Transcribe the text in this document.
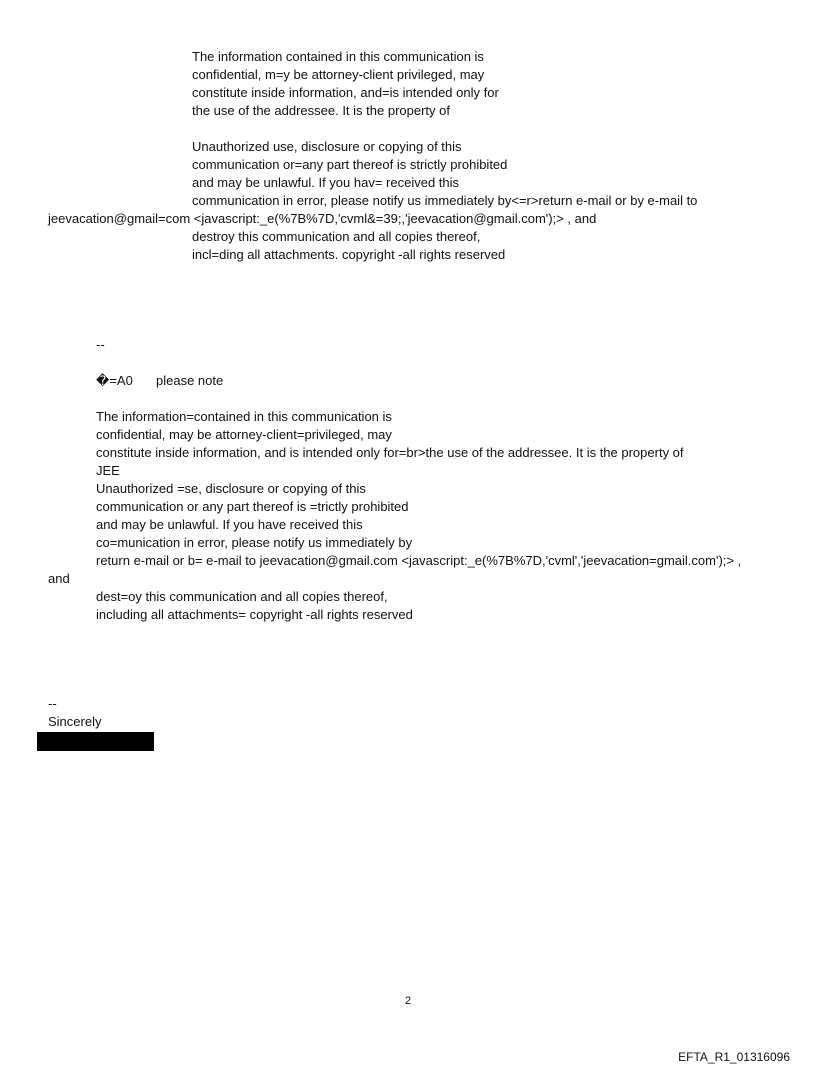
The information contained in this communication is
confidential, m=y be attorney-client privileged, may
constitute inside information, and=is intended only for
the use of the addressee. It is the property of
Unauthorized use, disclosure or copying of this
communication or=any part thereof is strictly prohibited
and may be unlawful. If you hav= received this
communication in error, please notify us immediately by<=r>return e-mail or by e-mail to
jeevacation@gmail=com <javascript:_e(%7B%7D,'cvml&=39;,'jeevacation@gmail.com');> , and
destroy this communication and all copies thereof,
incl=ding all attachments. copyright -all rights reserved
--
�=A0 please note
The information=contained in this communication is
confidential, may be attorney-client=privileged, may
constitute inside information, and is intended only for=br>the use of the addressee. It is the property of
JEE
Unauthorized =se, disclosure or copying of this
communication or any part thereof is =trictly prohibited
and may be unlawful. If you have received this
co=munication in error, please notify us immediately by
return e-mail or b= e-mail to jeevacation@gmail.com <javascript:_e(%7B%7D,'cvml','jeevacation=gmail.com');> ,
and
dest=oy this communication and all copies thereof,
including all attachments= copyright -all rights reserved
--
Sincerely
2
EFTA_R1_01316096
